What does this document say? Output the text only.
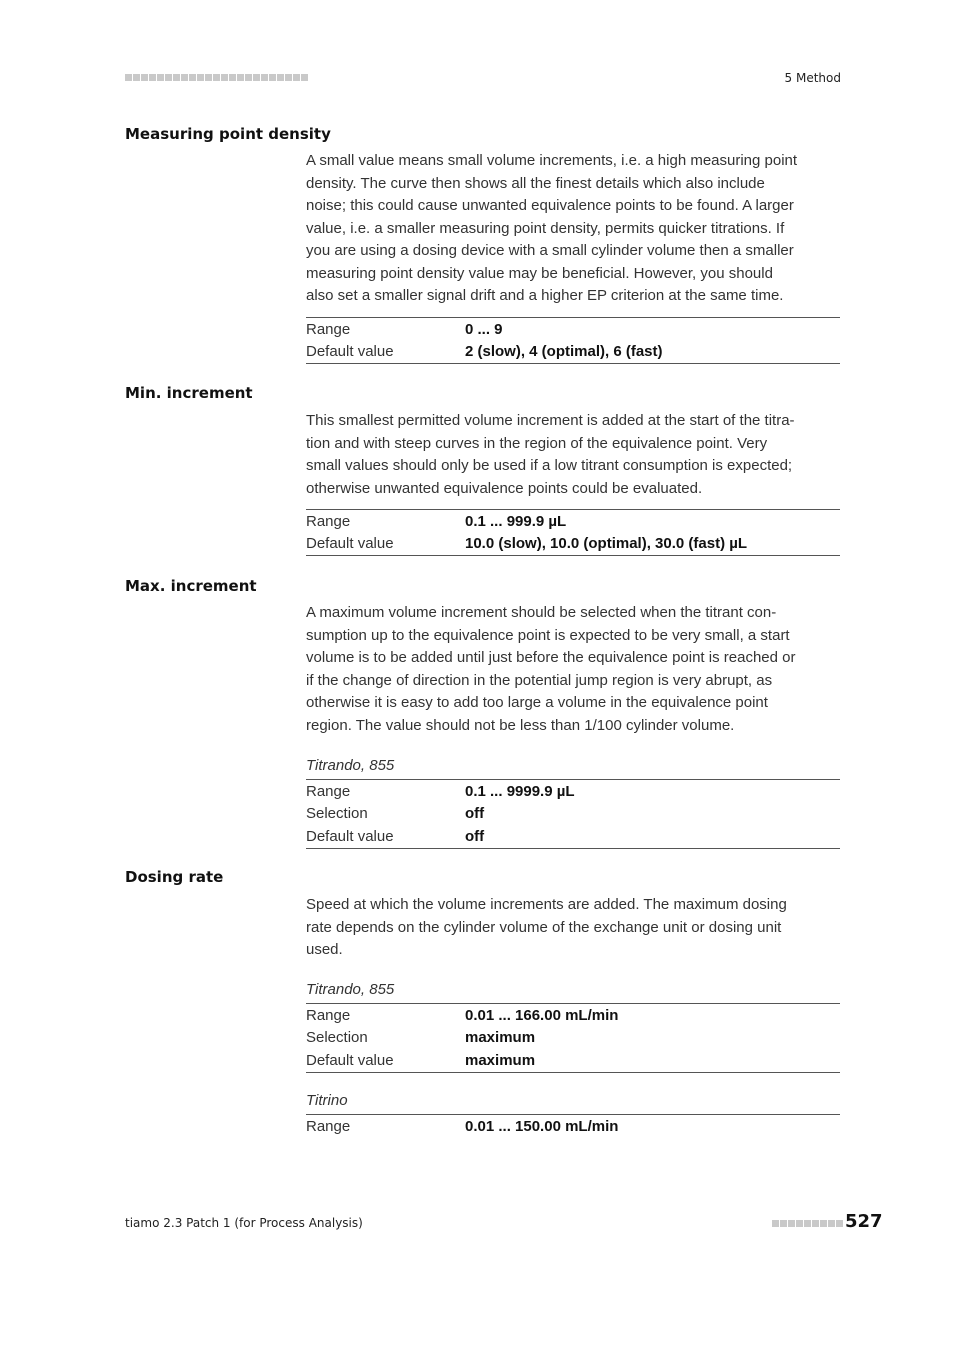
5 Method
Measuring point density
A small value means small volume increments, i.e. a high measuring point
density. The curve then shows all the finest details which also include
noise; this could cause unwanted equivalence points to be found. A larger
value, i.e. a smaller measuring point density, permits quicker titrations. If
you are using a dosing device with a small cylinder volume then a smaller
measuring point density value may be beneficial. However, you should
also set a smaller signal drift and a higher EP criterion at the same time.
Range	0 ... 9
Default value	2 (slow), 4 (optimal), 6 (fast)
Min. increment
This smallest permitted volume increment is added at the start of the titra-
tion and with steep curves in the region of the equivalence point. Very
small values should only be used if a low titrant consumption is expected;
otherwise unwanted equivalence points could be evaluated.
Range	0.1 ... 999.9 µL
Default value	10.0 (slow), 10.0 (optimal), 30.0 (fast) µL
Max. increment
A maximum volume increment should be selected when the titrant con-
sumption up to the equivalence point is expected to be very small, a start
volume is to be added until just before the equivalence point is reached or
if the change of direction in the potential jump region is very abrupt, as
otherwise it is easy to add too large a volume in the equivalence point
region. The value should not be less than 1/100 cylinder volume.
Titrando, 855
Range	0.1 ... 9999.9 µL
Selection	off
Default value	off
Dosing rate
Speed at which the volume increments are added. The maximum dosing
rate depends on the cylinder volume of the exchange unit or dosing unit
used.
Titrando, 855
Range	0.01 ... 166.00 mL/min
Selection	maximum
Default value	maximum
Titrino
Range	0.01 ... 150.00 mL/min
tiamo 2.3 Patch 1 (for Process Analysis)	527
